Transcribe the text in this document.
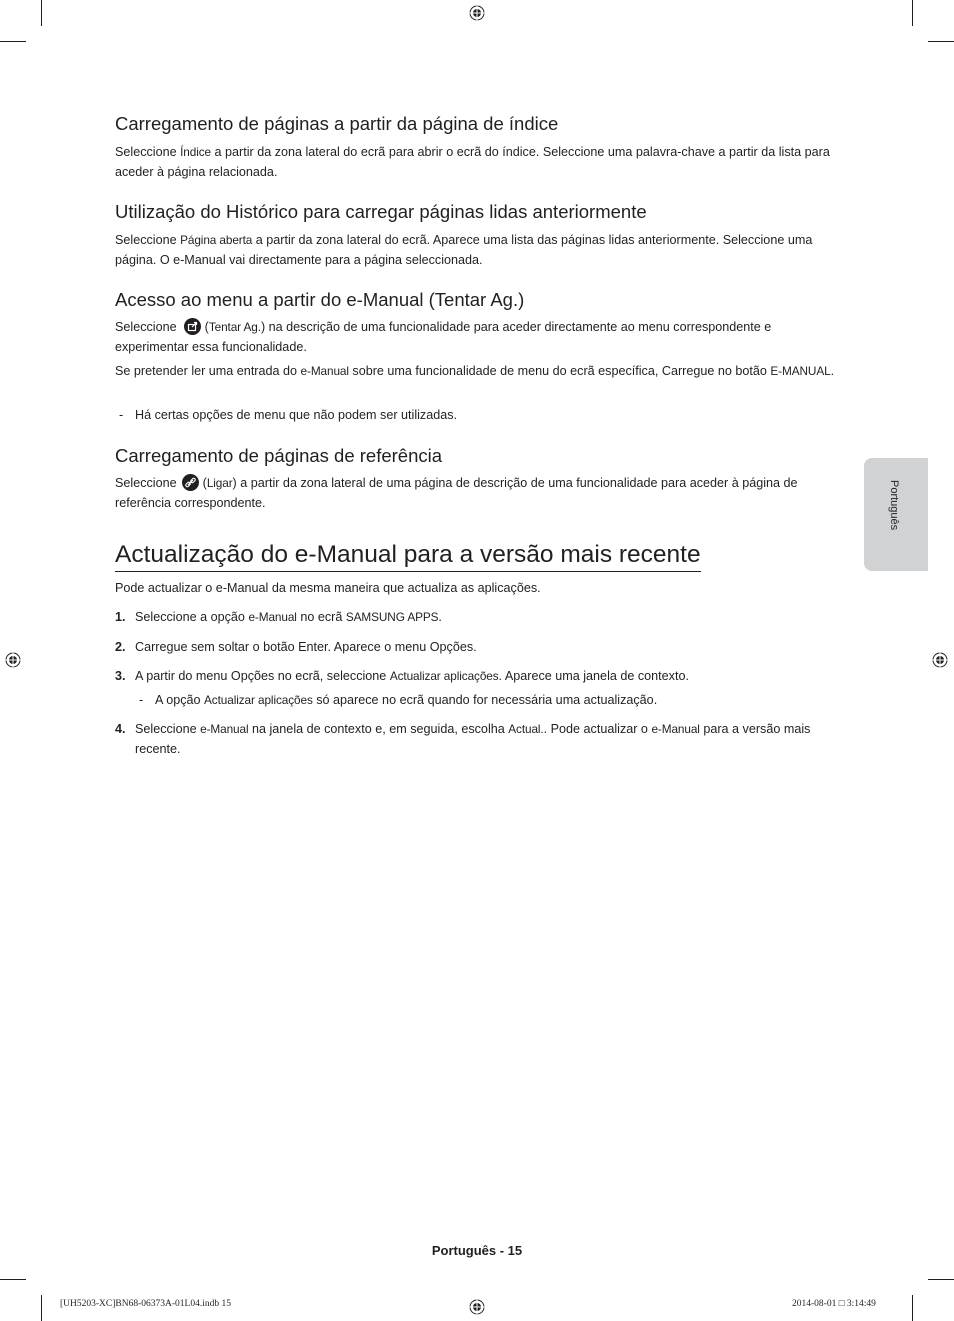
Português
Carregamento de páginas a partir da página de índice

Seleccione Índice a partir da zona lateral do ecrã para abrir o ecrã do índice. Seleccione uma palavra-chave a partir da lista para aceder à página relacionada.

Utilização do Histórico para carregar páginas lidas anteriormente

Seleccione Página aberta a partir da zona lateral do ecrã. Aparece uma lista das páginas lidas anteriormente. Seleccione uma página. O e-Manual vai directamente para a página seleccionada.

Acesso ao menu a partir do e-Manual (Tentar Ag.)

Seleccione
(Tentar Ag.) na descrição de uma funcionalidade para aceder directamente ao menu correspondente e experimentar essa funcionalidade.

Se pretender ler uma entrada do e-Manual sobre uma funcionalidade de menu do ecrã específica, Carregue no botão E-MANUAL.

- Há certas opções de menu que não podem ser utilizadas.

Carregamento de páginas de referência

Seleccione
(Ligar) a partir da zona lateral de uma página de descrição de uma funcionalidade para aceder à página de referência correspondente.

Actualização do e-Manual para a versão mais recente

Pode actualizar o e-Manual da mesma maneira que actualiza as aplicações.

1. Seleccione a opção e-Manual no ecrã SAMSUNG APPS.
2. Carregue sem soltar o botão Enter. Aparece o menu Opções.
3. A partir do menu Opções no ecrã, seleccione Actualizar aplicações. Aparece uma janela de contexto.
- A opção Actualizar aplicações só aparece no ecrã quando for necessária uma actualização.
4. Seleccione e-Manual na janela de contexto e, em seguida, escolha Actual.. Pode actualizar o e-Manual para a versão mais recente.
Português - 15
[UH5203-XC]BN68-06373A-01L04.indb 15	2014-08-01 □ 3:14:49
